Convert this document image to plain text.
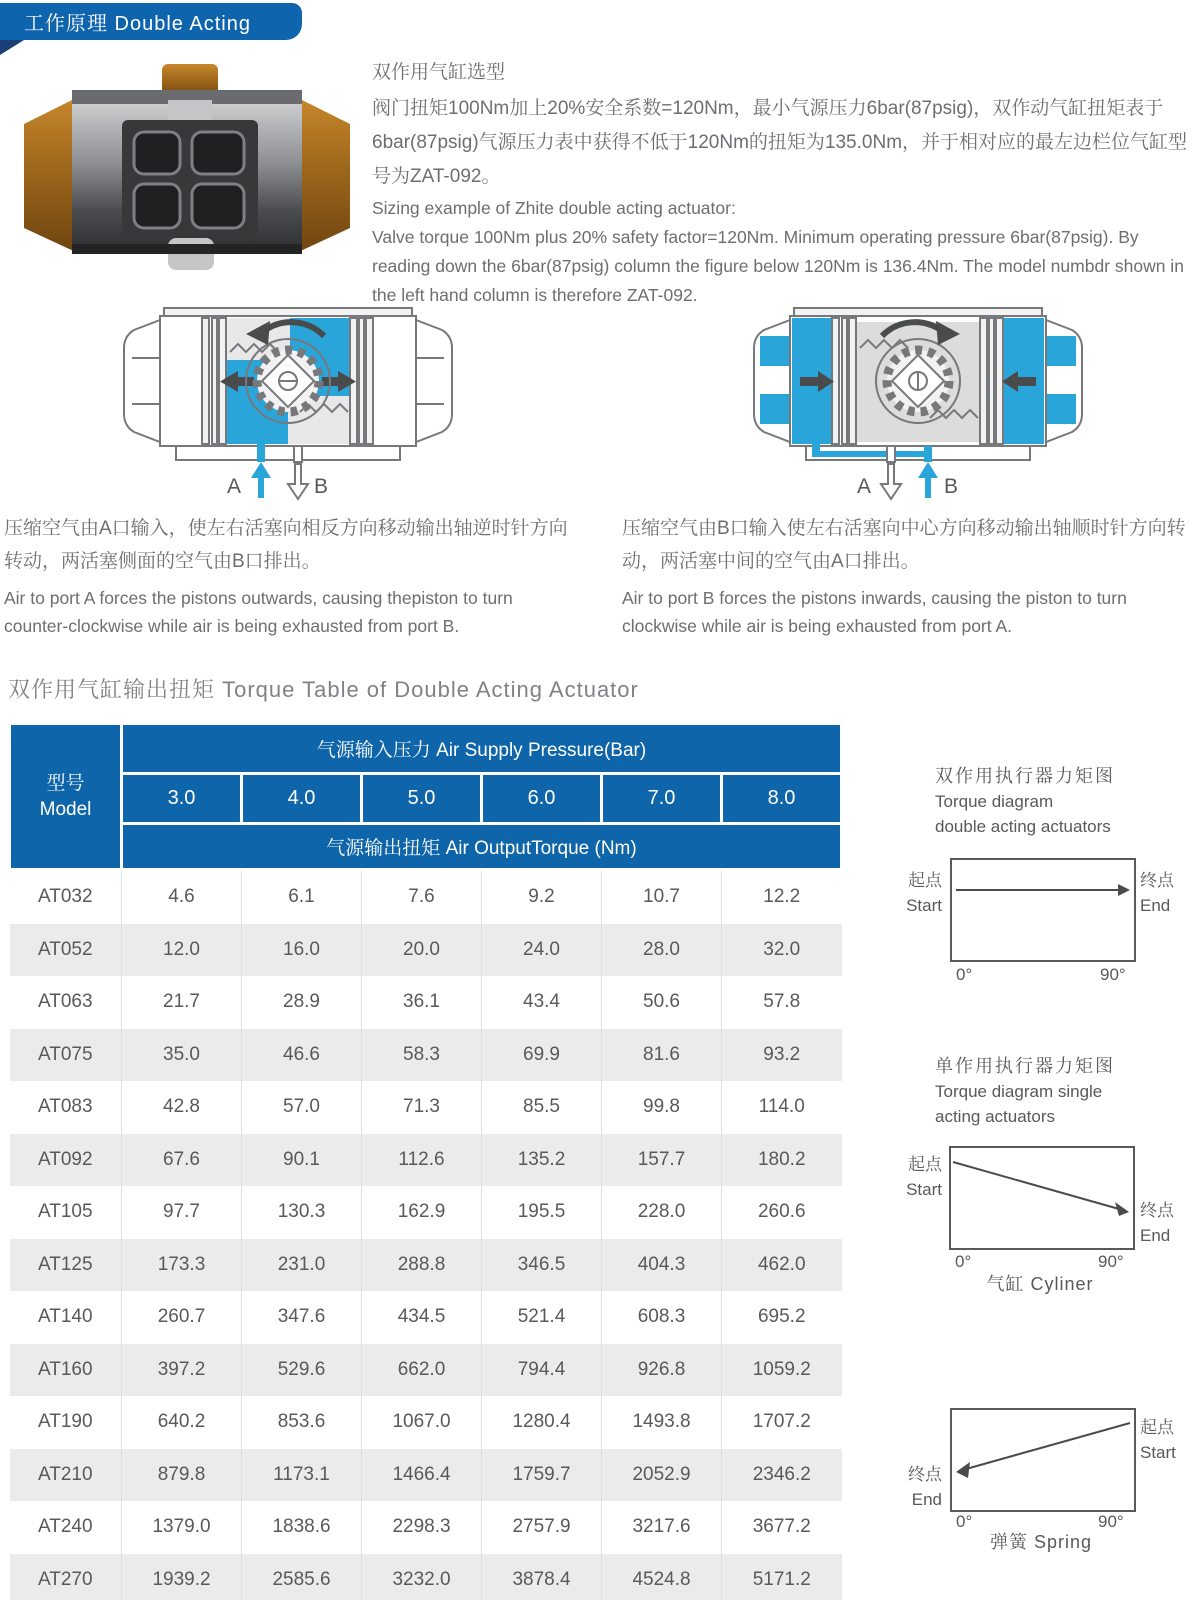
工作原理 Double Acting

双作用气缸选型

阀门扭矩100Nm加上20%安全系数=120Nm，最小气源压力6bar(87psig)，双作动气缸扭矩表于6bar(87psig)气源压力表中获得不低于120Nm的扭矩为135.0Nm，并于相对应的最左边栏位气缸型号为ZAT-092。

Sizing example of Zhite double acting actuator:

Valve torque 100Nm plus 20% safety factor=120Nm. Minimum operating pressure 6bar(87psig). By reading down the 6bar(87psig) column the figure below 120Nm is 136.4Nm. The model numbdr shown in the left hand column is therefore ZAT-092.

A	B	A	B

压缩空气由A口输入，使左右活塞向相反方向移动输出轴逆时针方向转动，两活塞侧面的空气由B口排出。

Air to port A forces the pistons outwards, causing thepiston to turn counter-clockwise while air is being exhausted from port B.

压缩空气由B口输入使左右活塞向中心方向移动输出轴顺时针方向转动，两活塞中间的空气由A口排出。

Air to port B forces the pistons inwards, causing the piston to turn clockwise while air is being exhausted from port A.

双作用气缸输出扭矩 Torque Table of Double Acting Actuator
型号
Model	气源输入压力 Air Supply Pressure(Bar)					
	3.0	4.0	5.0	6.0	7.0	8.0
	气源输出扭矩 Air OutputTorque (Nm)					
AT032	4.6	6.1	7.6	9.2	10.7	12.2
AT052	12.0	16.0	20.0	24.0	28.0	32.0
AT063	21.7	28.9	36.1	43.4	50.6	57.8
AT075	35.0	46.6	58.3	69.9	81.6	93.2
AT083	42.8	57.0	71.3	85.5	99.8	114.0
AT092	67.6	90.1	112.6	135.2	157.7	180.2
AT105	97.7	130.3	162.9	195.5	228.0	260.6
AT125	173.3	231.0	288.8	346.5	404.3	462.0
AT140	260.7	347.6	434.5	521.4	608.3	695.2
AT160	397.2	529.6	662.0	794.4	926.8	1059.2
AT190	640.2	853.6	1067.0	1280.4	1493.8	1707.2
AT210	879.8	1173.1	1466.4	1759.7	2052.9	2346.2
AT240	1379.0	1838.6	2298.3	2757.9	3217.6	3677.2
AT270	1939.2	2585.6	3232.0	3878.4	4524.8	5171.2
双作用执行器力矩图
Torque diagram
double acting actuators
起点
Start
终点
End
0°	90°
单作用执行器力矩图
Torque diagram single
acting actuators
起点
Start
终点
End
0°	90°
气缸 Cyliner
起点
Start
终点
End
0°	90°
弹簧 Spring
